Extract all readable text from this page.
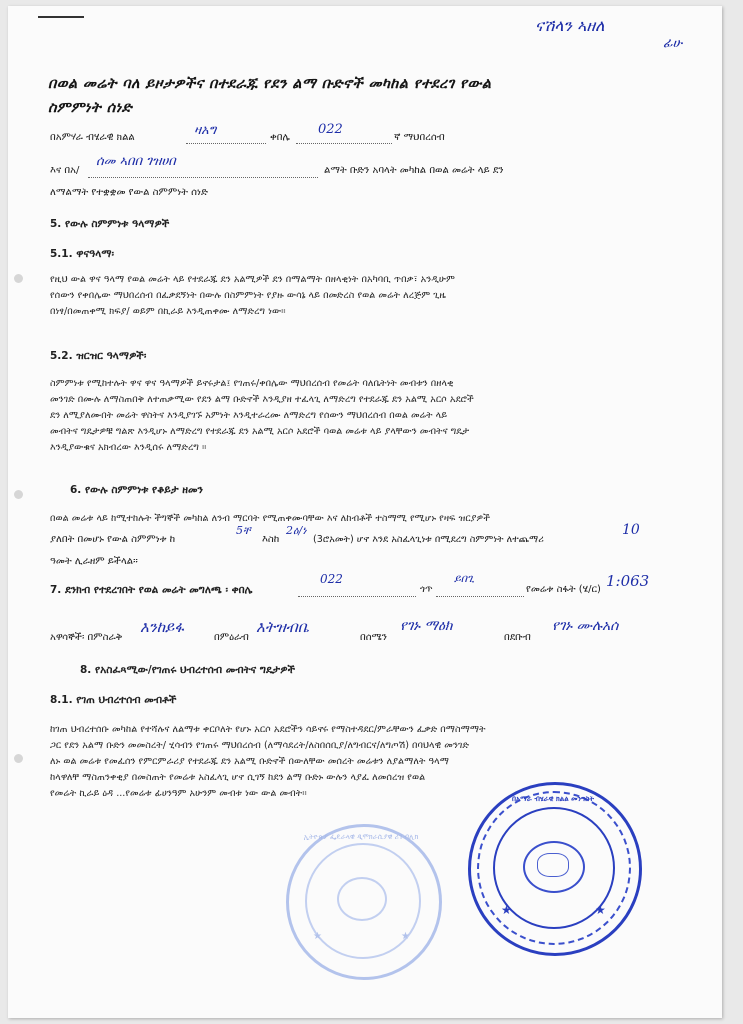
ናሽላን ኣዘለ
ፊሁ
በወል መሬት ባለ ይዞታዎችና በተደራጁ የደን ልማ ቡድኖች መካከል የተደረገ የውል
ስምምነት ሰነድ
በአምሃራ ብሄራዊ ክልል	ዛአግ	ቀበሌ
022
ኛ ማህበረሰብ
እና በአ/
ሰመ ኣበበ ገዝሀበ
ልማት ቡድን አባላት መካከል በወል መሬት ላይ ደን
ለማልማት የተቋቋመ የውል ስምምነት ሰነድ
5. የውሉ ስምምነቱ ዓላማዎች
5.1. ዋናዓላማ፡
የዚህ ውል ዋና ዓላማ የወል መሬት ላይ የተደራጁ ደን አልሚዎች ደን በማልማት በዘላቂነት በአካባቢ ጥበቃ፣ አንዲሁም
የሰውን የቀበሌው ማህበረሰብ በፈቃደኝነት በውሉ በስምምነት የያዙ ውሳኔ ላይ በመድረስ የወል መሬት ለረጅም ጊዜ
በነፃ/በመጠቀሚ ክፍያ/ ወይም በኪራይ እንዲጠቀሙ ለማድረግ ነው።
5.2. ዝርዝር ዓላማዎች፡
ስምምነቱ የሚከተሉት ዋና ዋና ዓላማዎች ይኖሩታል፤ የገጠሩ/ቀበሌው ማህበረሰብ የመሬት ባለቤትነት መብቱን በዘላቂ
መንገድ በሙሉ ለማስጠበቅ ለተጠቃሚው የደን ልማ ቡድኖች እንዲያዘ ተፈላጊ ለማድረግ የተደራጁ ደን አልሚ አርሶ አደሮች
ደን ለሚያለሙበት መሬት ዋስትና እንዲያገኙ አምነት እንዲተራረሙ ለማድረግ የሰውን ማህበረሰብ በወል መሬት ላይ
መብትና ግዴታዎቹ ግልጽ እንዲሆኑ ለማድረግ የተደራጁ ደን አልሚ አርሶ አደሮች ባወል መሬቱ ላይ ያላቸውን መብትና ግዴታ
እንዲያውቁና አክብረው እንዲሰሩ ለማድረግ ።
6. የውሉ ስምምነቱ የቆይታ ዘመን
በወል መሬቱ ላይ ከሚተከሉት ችግኞች መካከል ለንብ ማርባት የሚጠቀሙባቸው እና ለከብቶች ተስማሚ የሚሆኑ የዛፍ ዝርያዎች
ያለበት በመሆኑ የውል ስምምነቱ ከ
5ቸ
እስከ
2ዕ/ነ
(3ሮአመት) ሆኖ እንደ አስፈላጊነቱ በሚደረግ ስምምነት ለተጨማሪ
10
ዓመት ሊራዘም ይችላል።
7. ደንክብ የተደረገበት የወል መሬት መግለጫ ፡ ቀበሌ
022
ጎጥ
ይበጊ
የመሬቱ ስፋት (ሄ/ር) 1:063
አዋሳኞች፡ በምስራቅ
እንከይፋ
በምዕራብ
እትዝብቤ
በሰሜን
የገኑ ማዕክ
በደቡብ
የገኑ ሙሉአሰ
8. የአስፈጻሚው/የገጠሩ ህብረተሰብ መብትና ግዴታዎች
8.1. የገጠ ህብረተሰብ መብቶች
ከገጠ ህብረተሰቡ መካከል የተሻሉና ለልማቱ ቀርቦለት የሆኑ አርሶ አደሮችን ሳይኖሩ የማስተዳደር/ምራቸውን ፈቃድ በማስማማት
ጋር የደን አልማ ቡድን መመስረት/ ሂሳብን የገጠሩ ማህበረሰብ (ለማሳደረት/ለስበሰቢያ/ለግብርና/ለግጦሽ) በባህላዊ መንገድ
ለኑ ወል መሬቱ የመፈሰን የምርምራሪያ የተደራጁ ደን አልሚ ቡድኖች በውለቸው መሰረት መሬቱን ለያልማለት ዓላማ
ከላዋለቸ ማስጠንቀቂያ በመስጠት የመሬቱ አስፈላጊ ሆኖ ሲገኝ ከደን ልማ ቡድኑ ውሉን ላያፈ ለመሰረዝ የወል
የመሬት ኪራይ ዕዳ ...የመሬቱ ፊሀንዓም አሁንም መብቱ ነው ውል መብት።
ኢትዮጵያ ፌዴራላዊ ዲሞክራሲያዊ ሪፐብሊክ
★	★
በአማራ ብሄራዊ ክልል መንግስት
★	★
